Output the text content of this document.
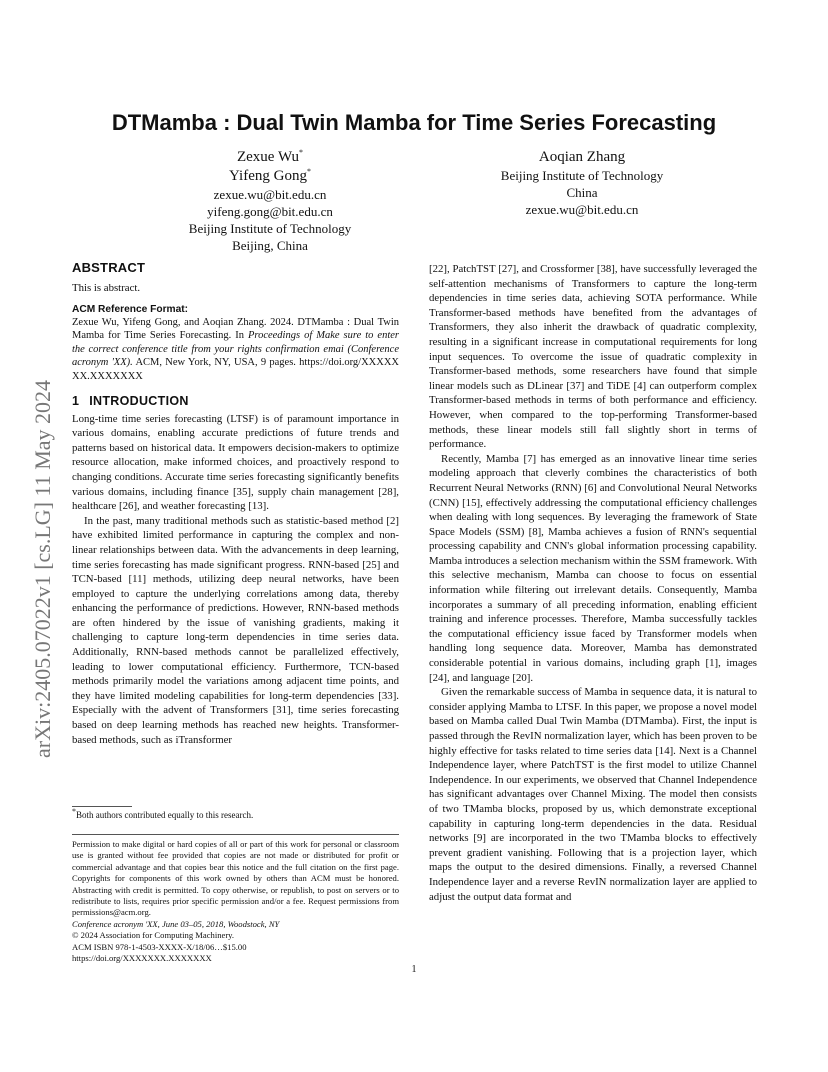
arXiv:2405.07022v1 [cs.LG] 11 May 2024
DTMamba : Dual Twin Mamba for Time Series Forecasting
Zexue Wu*
Yifeng Gong*
zexue.wu@bit.edu.cn
yifeng.gong@bit.edu.cn
Beijing Institute of Technology
Beijing, China
Aoqian Zhang
Beijing Institute of Technology
China
zexue.wu@bit.edu.cn
ABSTRACT

This is abstract.

ACM Reference Format:

Zexue Wu, Yifeng Gong, and Aoqian Zhang. 2024. DTMamba : Dual Twin Mamba for Time Series Forecasting. In Proceedings of Make sure to enter the correct conference title from your rights confirmation emai (Conference acronym 'XX). ACM, New York, NY, USA, 9 pages. https://doi.org/XXXXXXX.XXXXXXX

1 INTRODUCTION

Long-time time series forecasting (LTSF) is of paramount importance in various domains, enabling accurate predictions of future trends and patterns based on historical data. It empowers decision-makers to optimize resource allocation, make informed choices, and proactively respond to changing conditions. Accurate time series forecasting significantly benefits various domains, including finance [35], supply chain management [28], healthcare [26], and weather forecasting [13].

In the past, many traditional methods such as statistic-based method [2] have exhibited limited performance in capturing the complex and non-linear relationships between data. With the advancements in deep learning, time series forecasting has made significant progress. RNN-based [25] and TCN-based [11] methods, utilizing deep neural networks, have been employed to capture the underlying correlations among data, thereby enhancing the performance of predictions. However, RNN-based methods are often hindered by the issue of vanishing gradients, making it challenging to capture long-term dependencies in time series data. Additionally, RNN-based methods cannot be parallelized effectively, leading to lower computational efficiency. Furthermore, TCN-based methods primarily model the variations among adjacent time points, and they have limited modeling capabilities for long-term dependencies [33]. Especially with the advent of Transformers [31], time series forecasting based on deep learning methods has reached new heights. Transformer-based methods, such as iTransformer

*Both authors contributed equally to this research.
Permission to make digital or hard copies of all or part of this work for personal or classroom use is granted without fee provided that copies are not made or distributed for profit or commercial advantage and that copies bear this notice and the full citation on the first page. Copyrights for components of this work owned by others than ACM must be honored. Abstracting with credit is permitted. To copy otherwise, or republish, to post on servers or to redistribute to lists, requires prior specific permission and/or a fee. Request permissions from permissions@acm.org.
Conference acronym 'XX, June 03–05, 2018, Woodstock, NY
© 2024 Association for Computing Machinery.
ACM ISBN 978-1-4503-XXXX-X/18/06…$15.00
https://doi.org/XXXXXXX.XXXXXXX

[22], PatchTST [27], and Crossformer [38], have successfully leveraged the self-attention mechanisms of Transformers to capture the long-term dependencies in time series data, achieving SOTA performance. While Transformer-based methods have benefited from the advantages of Transformers, they also inherit the drawback of quadratic complexity, resulting in a significant increase in computational requirements for long input sequences. To overcome the issue of quadratic complexity in Transformer-based methods, some researchers have found that simple linear models such as DLinear [37] and TiDE [4] can outperform complex Transformer-based methods in terms of both performance and efficiency. However, when compared to the top-performing Transformer-based methods, these linear models still fall slightly short in terms of performance.

Recently, Mamba [7] has emerged as an innovative linear time series modeling approach that cleverly combines the characteristics of both Recurrent Neural Networks (RNN) [6] and Convolutional Neural Networks (CNN) [15], effectively addressing the computational efficiency challenges when dealing with long sequences. By leveraging the framework of State Space Models (SSM) [8], Mamba achieves a fusion of RNN's sequential processing capability and CNN's global information processing capability. Mamba introduces a selection mechanism within the SSM framework. With this selective mechanism, Mamba can choose to focus on essential information while filtering out irrelevant details. Consequently, Mamba incorporates a summary of all preceding information, enabling efficient training and inference processes. Therefore, Mamba successfully tackles the computational efficiency issue faced by Transformer models when handling long sequence data. Moreover, Mamba has demonstrated considerable potential in various domains, including graph [1], images [24], and language [20].

Given the remarkable success of Mamba in sequence data, it is natural to consider applying Mamba to LTSF. In this paper, we propose a novel model based on Mamba called Dual Twin Mamba (DTMamba). First, the input is passed through the RevIN normalization layer, which has been proven to be highly effective for tasks related to time series data [14]. Next is a Channel Independence layer, where PatchTST is the first model to utilize Channel Independence. In our experiments, we observed that Channel Independence has significant advantages over Channel Mixing. The model then consists of two TMamba blocks, proposed by us, which demonstrate exceptional capability in capturing long-term dependencies in the data. Residual networks [9] are incorporated in the two TMamba blocks to effectively prevent gradient vanishing. Following that is a projection layer, which maps the output to the desired dimensions. Finally, a reversed Channel Independence layer and a reverse RevIN normalization layer are applied to adjust the output data format and

1
